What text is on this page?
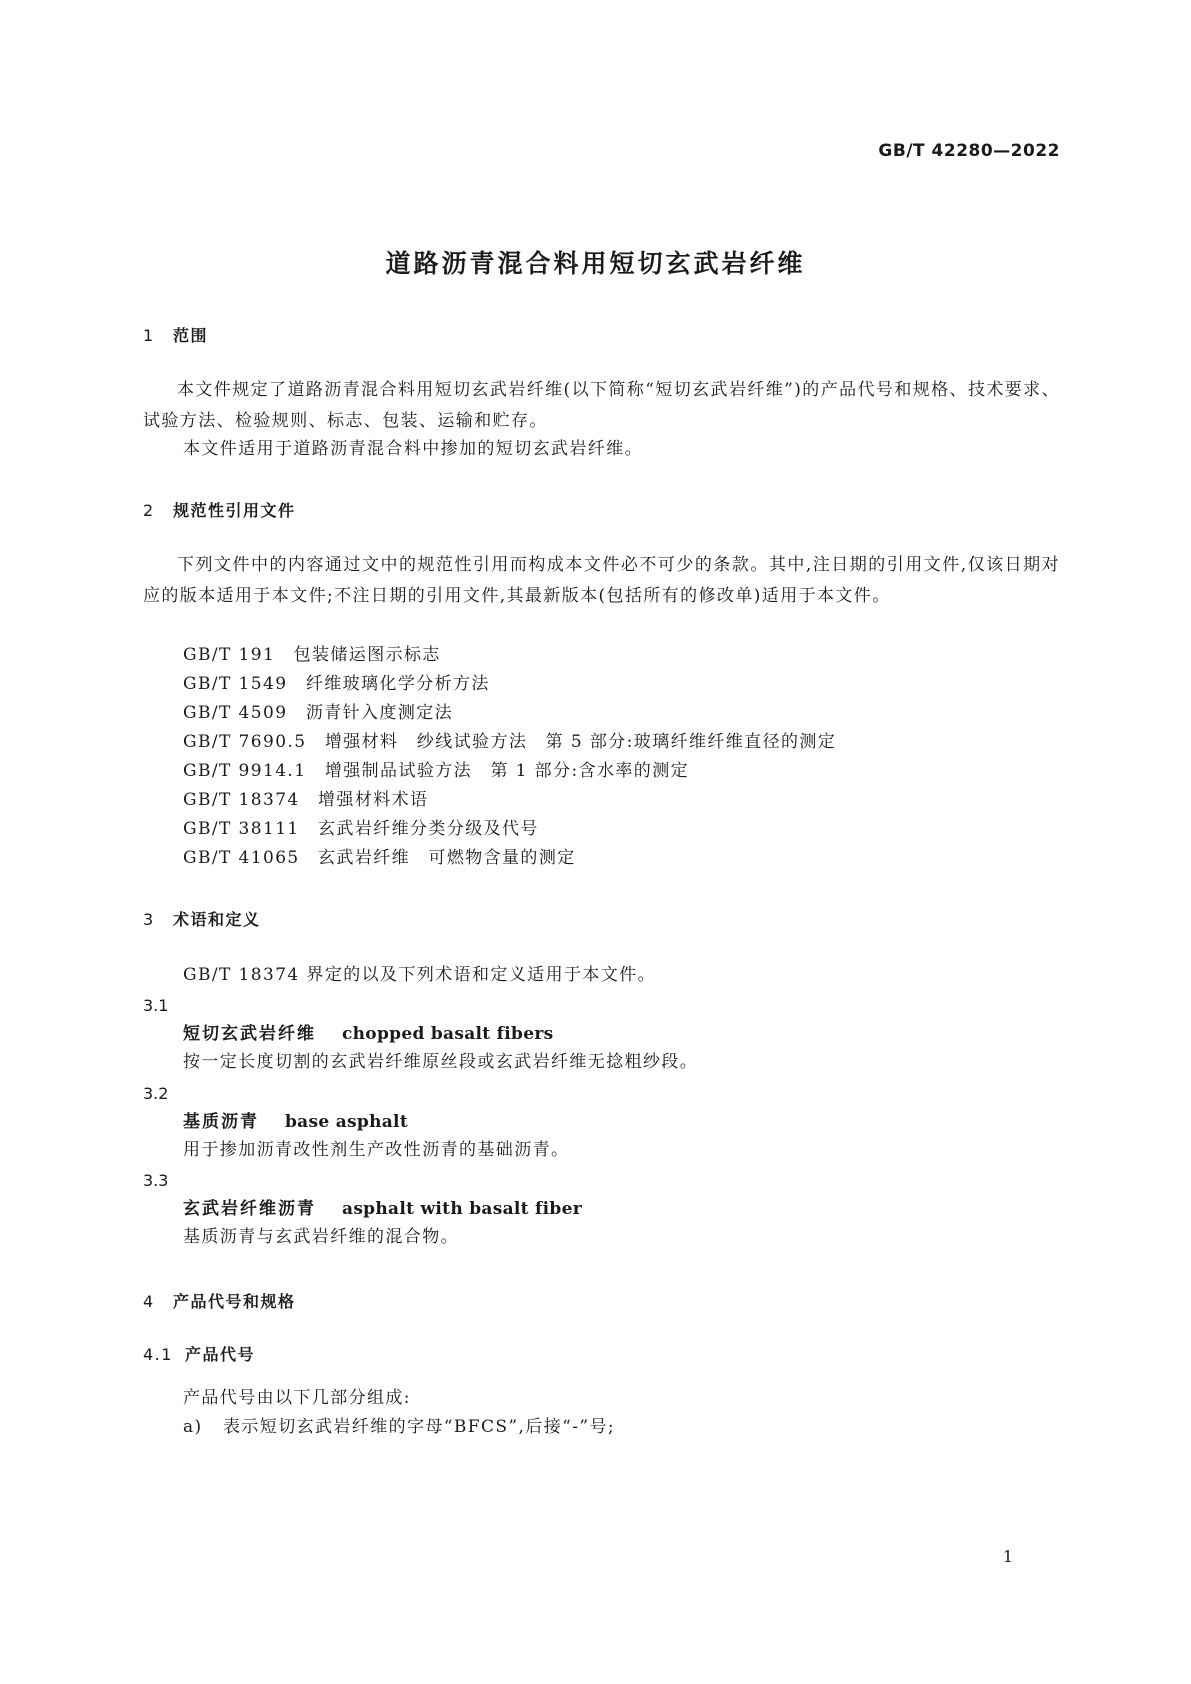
GB/T 42280—2022
道路沥青混合料用短切玄武岩纤维
1 范围
本文件规定了道路沥青混合料用短切玄武岩纤维(以下简称“短切玄武岩纤维”)的产品代号和规格、技术要求、试验方法、检验规则、标志、包装、运输和贮存。
本文件适用于道路沥青混合料中掺加的短切玄武岩纤维。
2 规范性引用文件
下列文件中的内容通过文中的规范性引用而构成本文件必不可少的条款。其中,注日期的引用文件,仅该日期对应的版本适用于本文件;不注日期的引用文件,其最新版本(包括所有的修改单)适用于本文件。
GB/T 191　 包装储运图示标志
GB/T 1549　 纤维玻璃化学分析方法
GB/T 4509　 沥青针入度测定法
GB/T 7690.5　 增强材料　纱线试验方法　第 5 部分:玻璃纤维纤维直径的测定
GB/T 9914.1　 增强制品试验方法　第 1 部分:含水率的测定
GB/T 18374　 增强材料术语
GB/T 38111　 玄武岩纤维分类分级及代号
GB/T 41065　 玄武岩纤维　可燃物含量的测定
3 术语和定义
GB/T 18374 界定的以及下列术语和定义适用于本文件。
3.1
短切玄武岩纤维 chopped basalt fibers
按一定长度切割的玄武岩纤维原丝段或玄武岩纤维无捻粗纱段。
3.2
基质沥青 base asphalt
用于掺加沥青改性剂生产改性沥青的基础沥青。
3.3
玄武岩纤维沥青 asphalt with basalt fiber
基质沥青与玄武岩纤维的混合物。
4 产品代号和规格
4.1 产品代号
产品代号由以下几部分组成:
a) 表示短切玄武岩纤维的字母“BFCS”,后接“-”号;
1
